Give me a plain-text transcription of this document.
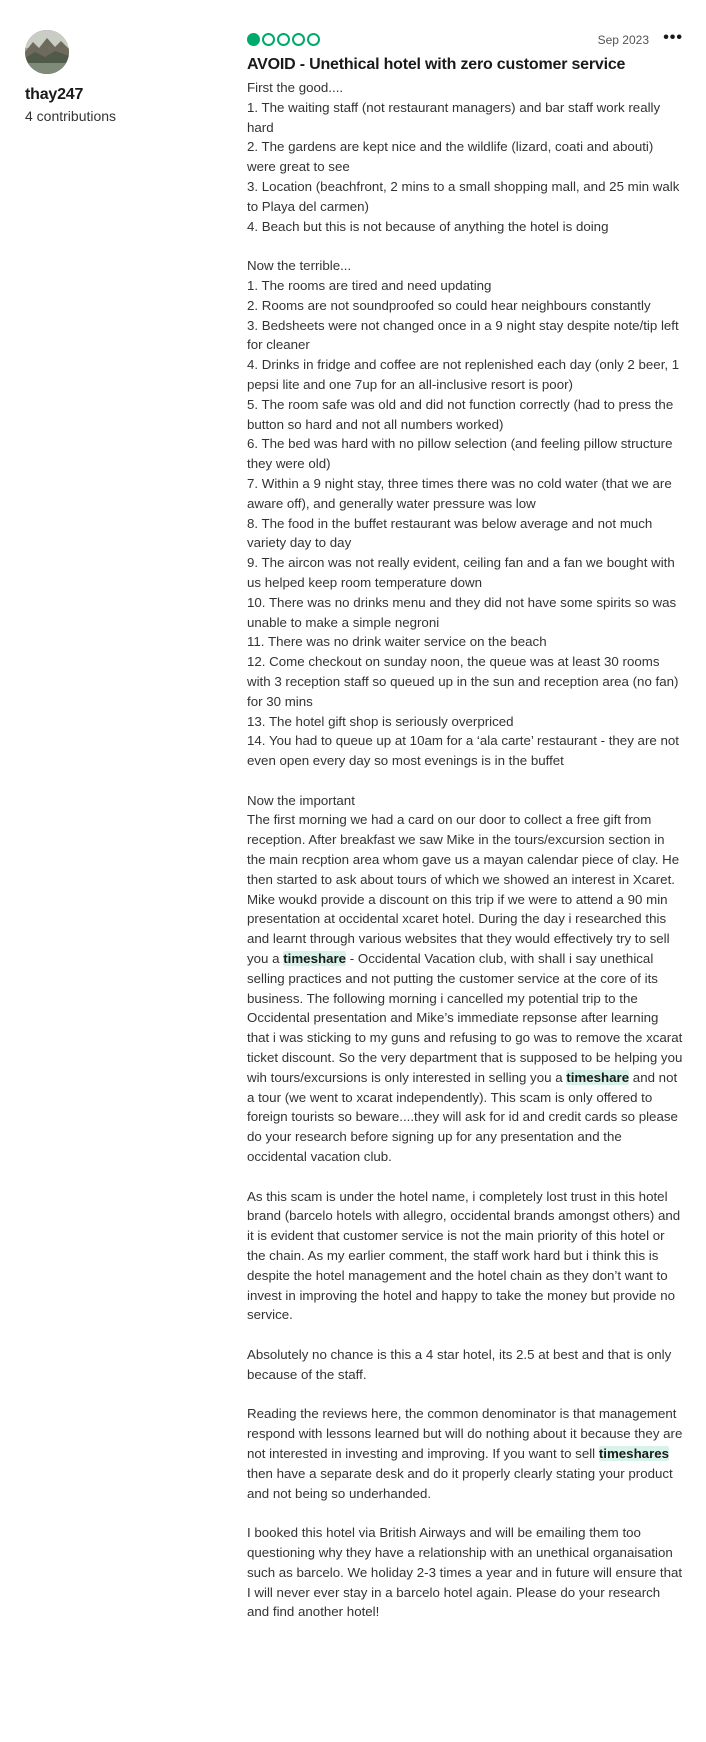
thay247
4 contributions
Sep 2023 •••
AVOID - Unethical hotel with zero customer service
First the good....
1. The waiting staff (not restaurant managers) and bar staff work really hard
2. The gardens are kept nice and the wildlife (lizard, coati and abouti) were great to see
3. Location (beachfront, 2 mins to a small shopping mall, and 25 min walk to Playa del carmen)
4. Beach but this is not because of anything the hotel is doing
Now the terrible...
1. The rooms are tired and need updating
2. Rooms are not soundproofed so could hear neighbours constantly
3. Bedsheets were not changed once in a 9 night stay despite note/tip left for cleaner
4. Drinks in fridge and coffee are not replenished each day (only 2 beer, 1 pepsi lite and one 7up for an all-inclusive resort is poor)
5. The room safe was old and did not function correctly (had to press the button so hard and not all numbers worked)
6. The bed was hard with no pillow selection (and feeling pillow structure they were old)
7. Within a 9 night stay, three times there was no cold water (that we are aware off), and generally water pressure was low
8. The food in the buffet restaurant was below average and not much variety day to day
9. The aircon was not really evident, ceiling fan and a fan we bought with us helped keep room temperature down
10. There was no drinks menu and they did not have some spirits so was unable to make a simple negroni
11. There was no drink waiter service on the beach
12. Come checkout on sunday noon, the queue was at least 30 rooms with 3 reception staff so queued up in the sun and reception area (no fan) for 30 mins
13. The hotel gift shop is seriously overpriced
14. You had to queue up at 10am for a ‘ala carte’ restaurant - they are not even open every day so most evenings is in the buffet
Now the important
The first morning we had a card on our door to collect a free gift from reception. After breakfast we saw Mike in the tours/excursion section in the main recption area whom gave us a mayan calendar piece of clay. He then started to ask about tours of which we showed an interest in Xcaret. Mike woukd provide a discount on this trip if we were to attend a 90 min presentation at occidental xcaret hotel. During the day i researched this and learnt through various websites that they would effectively try to sell you a timeshare - Occidental Vacation club, with shall i say unethical selling practices and not putting the customer service at the core of its business. The following morning i cancelled my potential trip to the Occidental presentation and Mike’s immediate repsonse after learning that i was sticking to my guns and refusing to go was to remove the xcarat ticket discount. So the very department that is supposed to be helping you wih tours/excursions is only interested in selling you a timeshare and not a tour (we went to xcarat independently). This scam is only offered to foreign tourists so beware....they will ask for id and credit cards so please do your research before signing up for any presentation and the occidental vacation club.
As this scam is under the hotel name, i completely lost trust in this hotel brand (barcelo hotels with allegro, occidental brands amongst others) and it is evident that customer service is not the main priority of this hotel or the chain. As my earlier comment, the staff work hard but i think this is despite the hotel management and the hotel chain as they don’t want to invest in improving the hotel and happy to take the money but provide no service.
Absolutely no chance is this a 4 star hotel, its 2.5 at best and that is only because of the staff.
Reading the reviews here, the common denominator is that management respond with lessons learned but will do nothing about it because they are not interested in investing and improving. If you want to sell timeshares then have a separate desk and do it properly clearly stating your product and not being so underhanded.
I booked this hotel via British Airways and will be emailing them too questioning why they have a relationship with an unethical organaisation such as barcelo. We holiday 2-3 times a year and in future will ensure that I will never ever stay in a barcelo hotel again. Please do your research and find another hotel!
